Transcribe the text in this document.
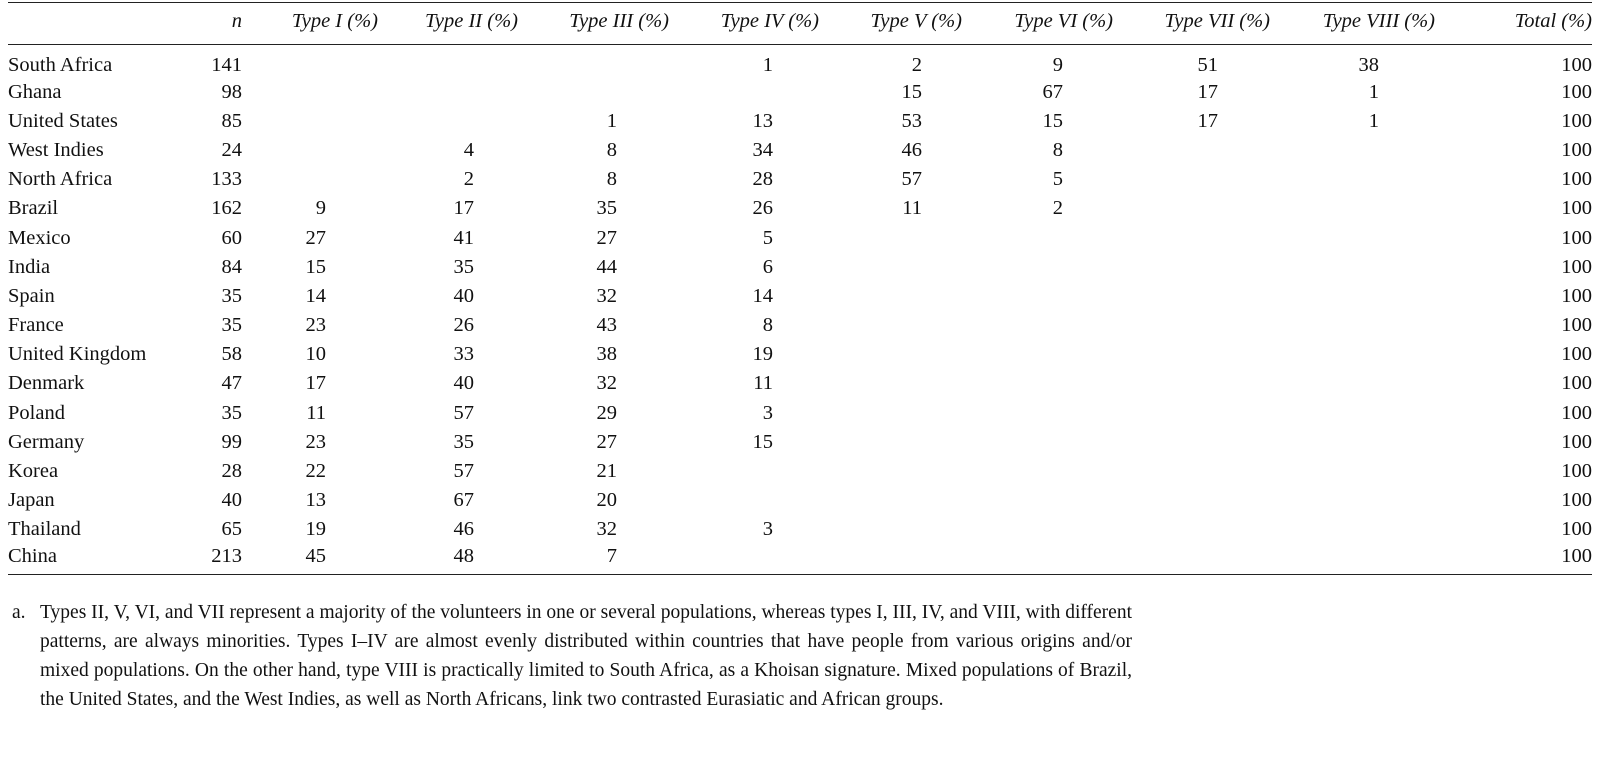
	n	Type I (%)	Type II (%)	Type III (%)	Type IV (%)	Type V (%)	Type VI (%)	Type VII (%)	Type VIII (%)	Total (%)
South Africa	141				1	2	9	51	38	100
Ghana	98					15	67	17	1	100
United States	85			1	13	53	15	17	1	100
West Indies	24		4	8	34	46	8			100
North Africa	133		2	8	28	57	5			100
Brazil	162	9	17	35	26	11	2			100
Mexico	60	27	41	27	5					100
India	84	15	35	44	6					100
Spain	35	14	40	32	14					100
France	35	23	26	43	8					100
United Kingdom	58	10	33	38	19					100
Denmark	47	17	40	32	11					100
Poland	35	11	57	29	3					100
Germany	99	23	35	27	15					100
Korea	28	22	57	21						100
Japan	40	13	67	20						100
Thailand	65	19	46	32	3					100
China	213	45	48	7						100
a. Types II, V, VI, and VII represent a majority of the volunteers in one or several populations, whereas types I, III, IV, and VIII, with different patterns, are always minorities. Types I–IV are almost evenly distributed within countries that have people from various origins and/or mixed populations. On the other hand, type VIII is practically limited to South Africa, as a Khoisan signature. Mixed populations of Brazil, the United States, and the West Indies, as well as North Africans, link two contrasted Eurasiatic and African groups.
